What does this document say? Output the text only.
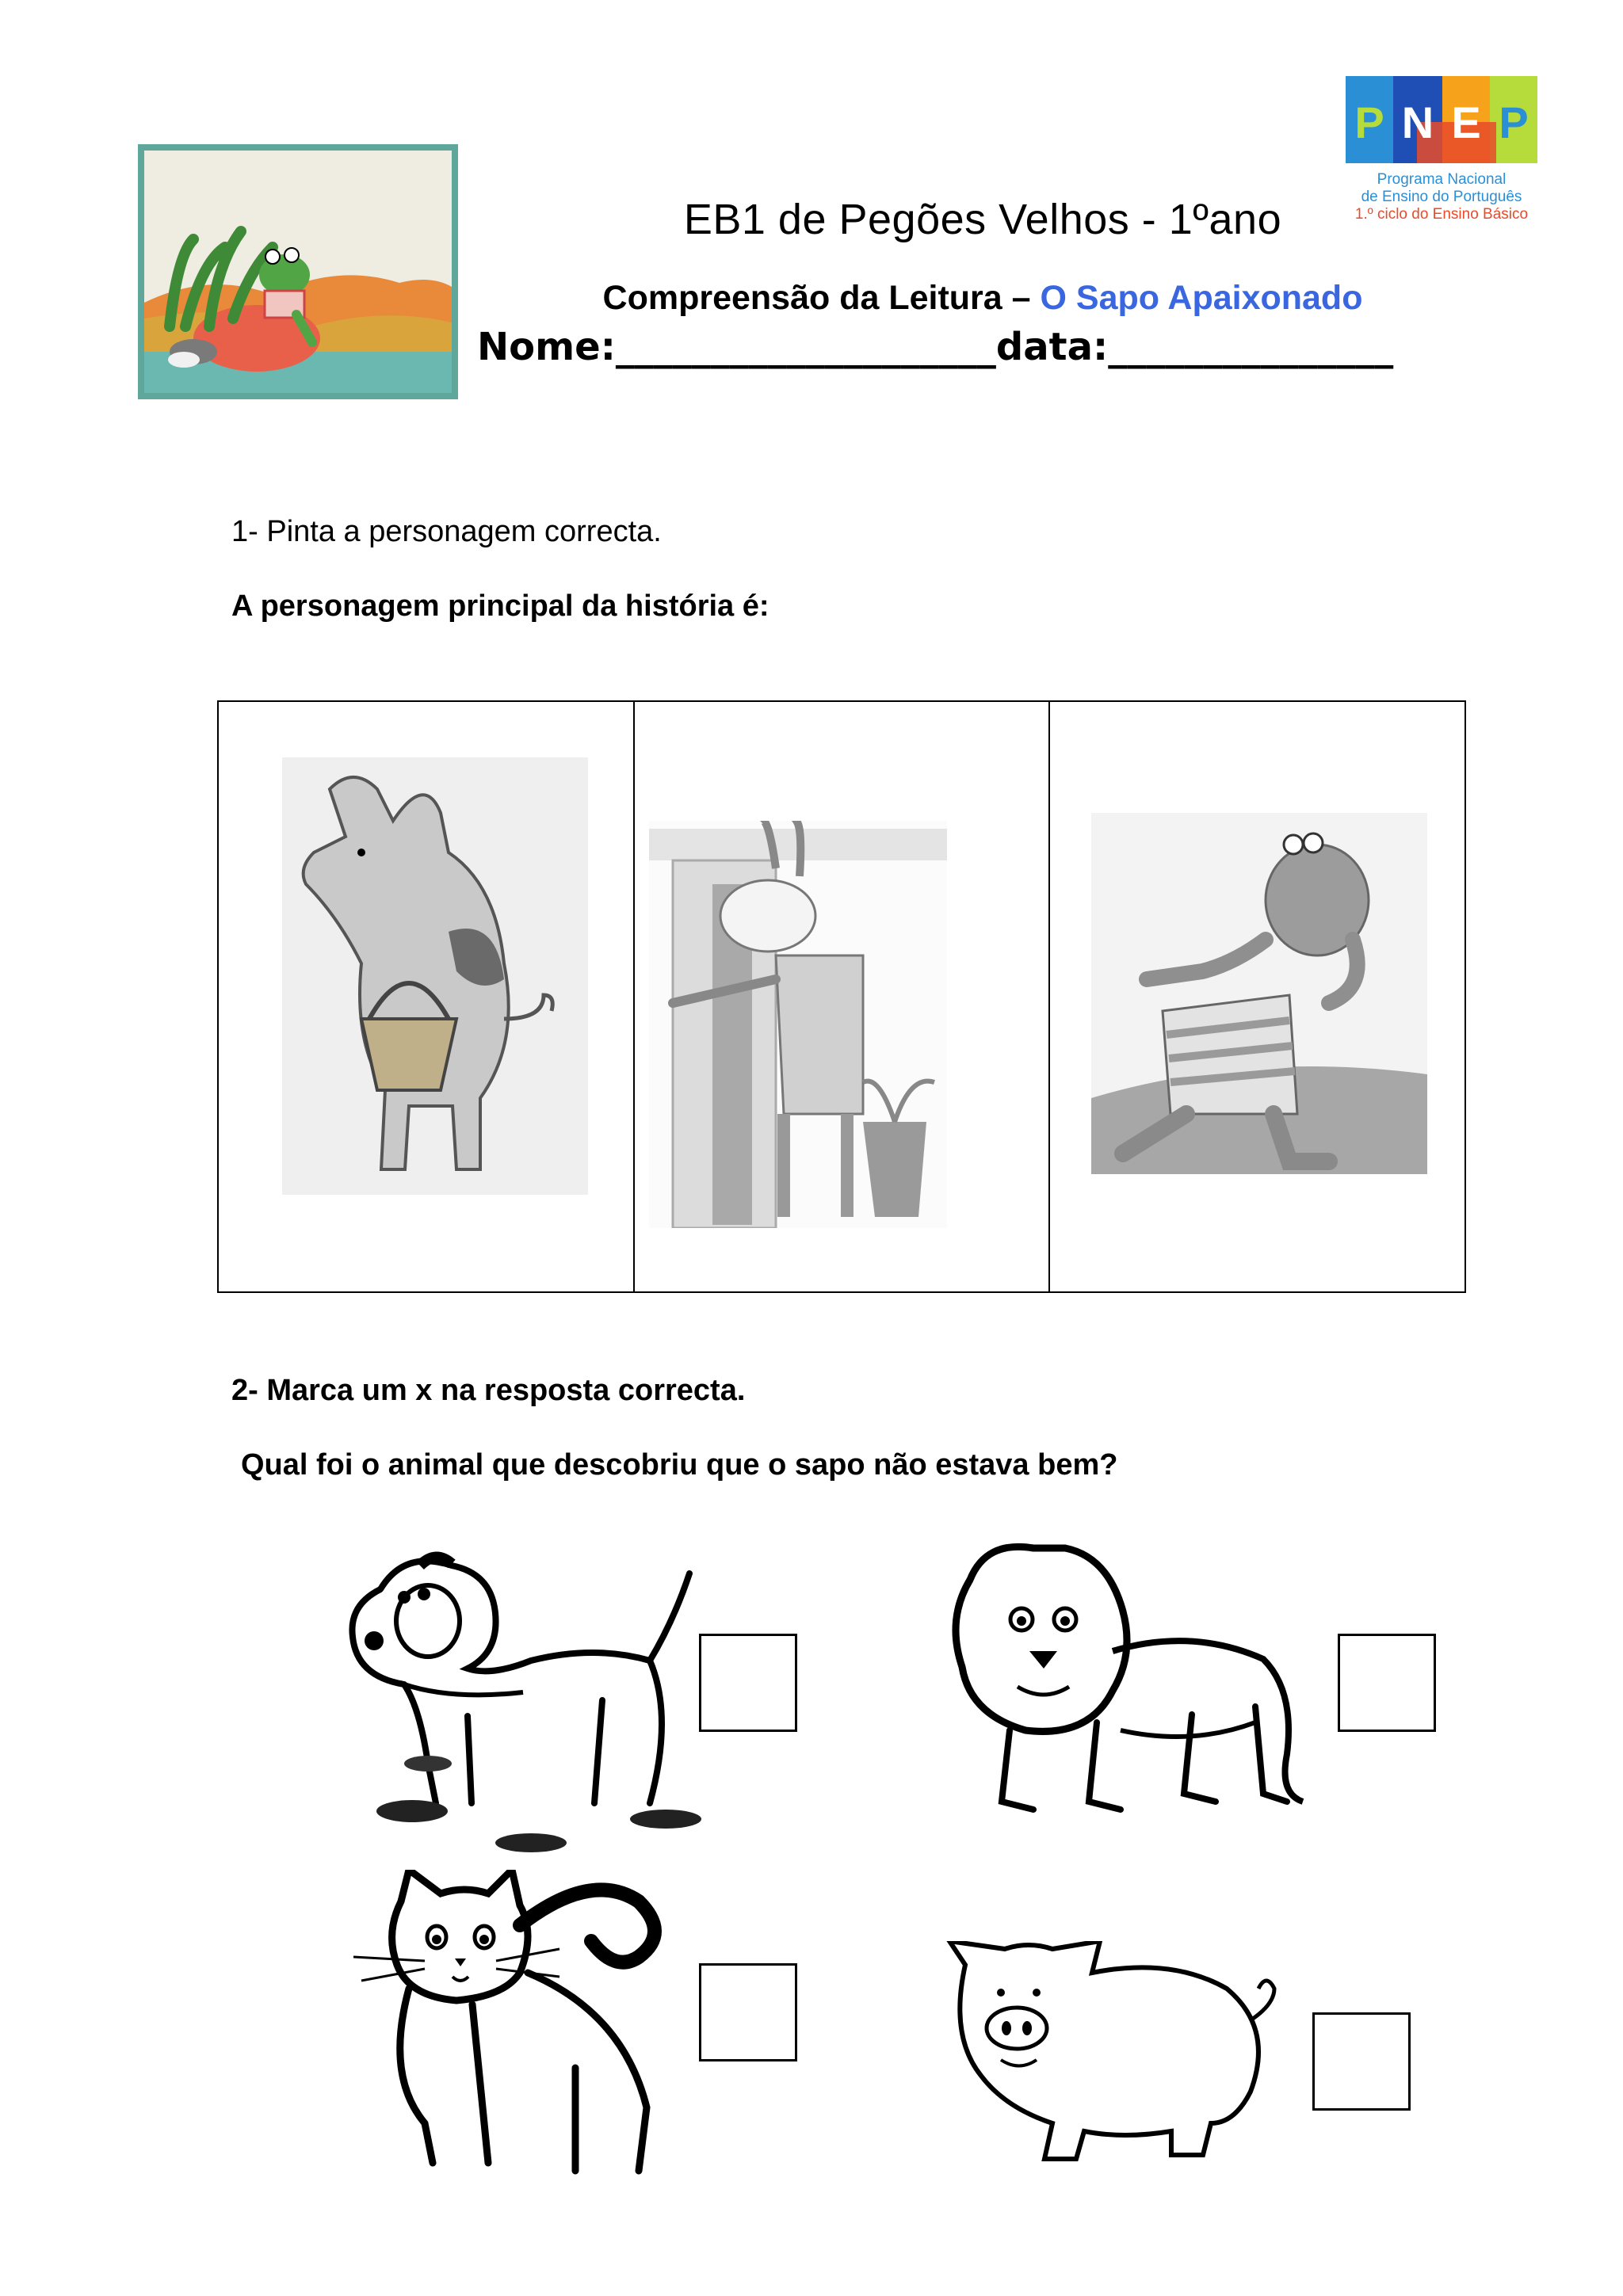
P N E P
Programa Nacional
de Ensino do Português
1.º ciclo do Ensino Básico
EB1 de Pegões Velhos - 1ºano
Compreensão da Leitura – O Sapo Apaixonado
Nome:____________________data:_______________
1- Pinta a personagem correcta.
A personagem principal da história é:
2- Marca um x na resposta correcta.
Qual foi o animal que descobriu que o sapo não estava bem?
